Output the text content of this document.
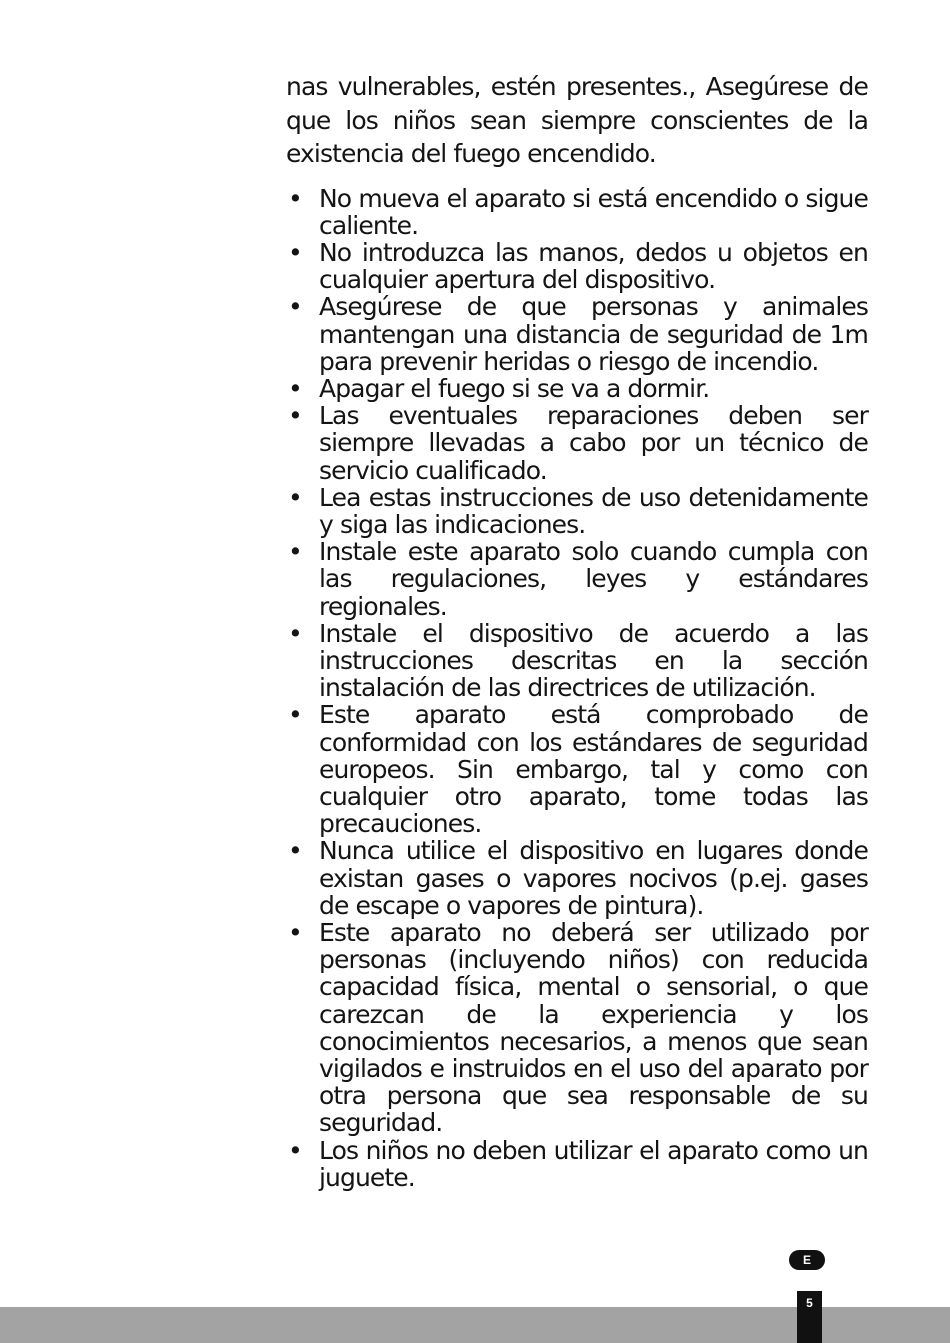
nas vulnerables, estén presentes., Asegúrese de que los niños sean siempre conscientes de la existencia del fuego encendido.

• No mueva el aparato si está encendido o sigue caliente.
• No introduzca las manos, dedos u objetos en cualquier apertura del dispositivo.
• Asegúrese de que personas y animales mantengan una distancia de seguridad de 1m para prevenir heridas o riesgo de incendio.
• Apagar el fuego si se va a dormir.
• Las eventuales reparaciones deben ser siempre llevadas a cabo por un técnico de servicio cualificado.
• Lea estas instrucciones de uso detenidamente y siga las indicaciones.
• Instale este aparato solo cuando cumpla con las regulaciones, leyes y estándares regionales.
• Instale el dispositivo de acuerdo a las instrucciones descritas en la sección instalación de las directrices de utilización.
• Este aparato está comprobado de conformidad con los estándares de seguridad europeos. Sin embargo, tal y como con cualquier otro aparato, tome todas las precauciones.
• Nunca utilice el dispositivo en lugares donde existan gases o vapores nocivos (p.ej. gases de escape o vapores de pintura).
• Este aparato no deberá ser utilizado por personas (incluyendo niños) con reducida capacidad física, mental o sensorial, o que carezcan de la experiencia y los conocimientos necesarios, a menos que sean vigilados e instruidos en el uso del aparato por otra persona que sea responsable de su seguridad.
• Los niños no deben utilizar el aparato como un juguete.
E
5
